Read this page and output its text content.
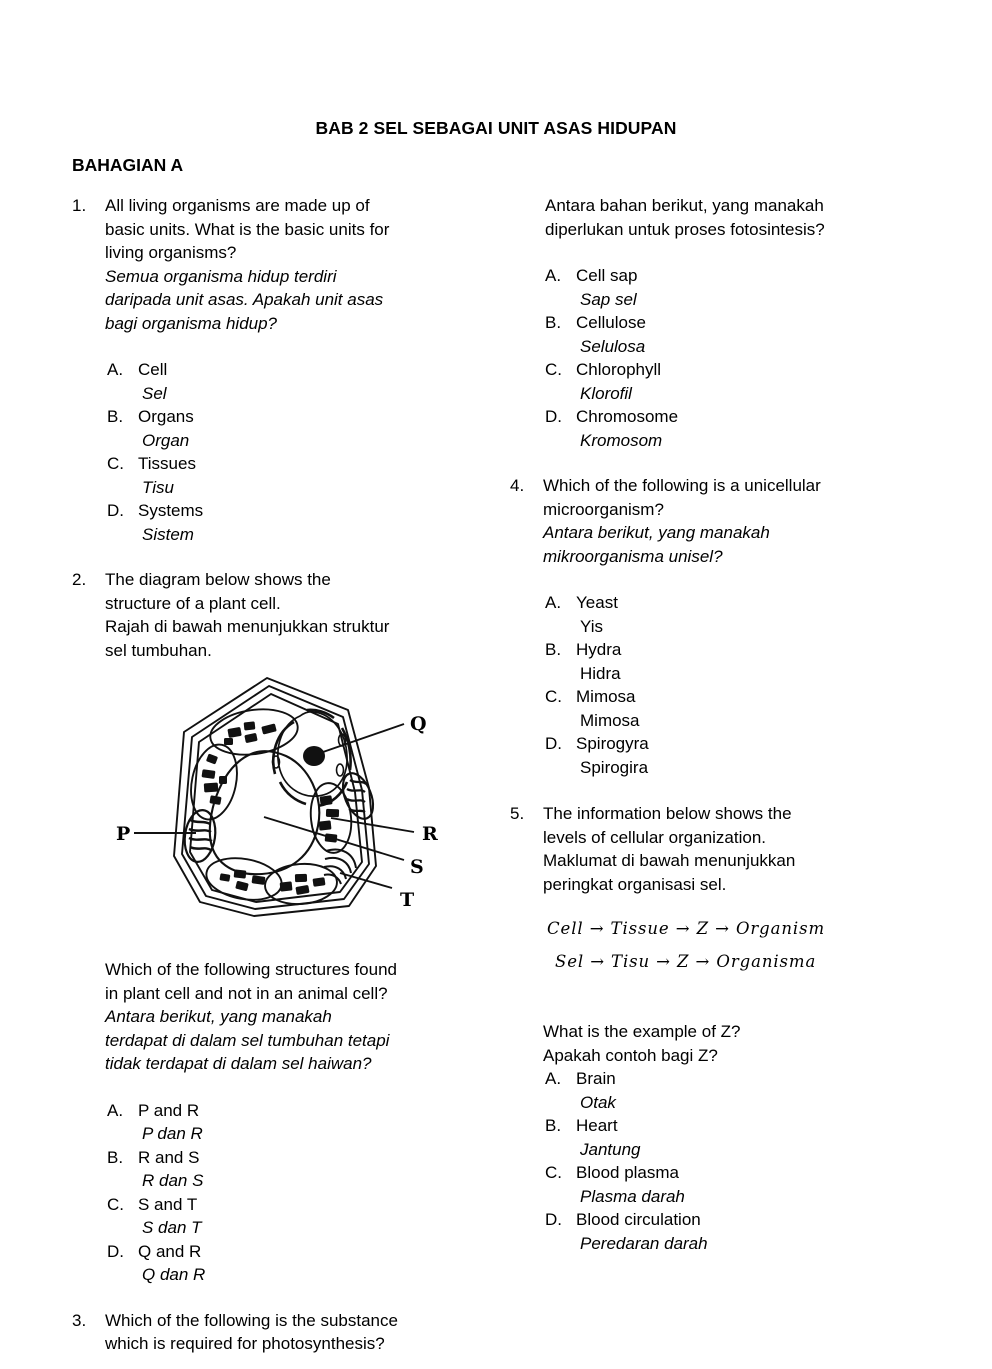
BAB 2 SEL SEBAGAI UNIT ASAS HIDUPAN
BAHAGIAN A
1.	All living organisms are made up of
basic units. What is the basic units for
living organisms?
Semua organisma hidup terdiri
daripada unit asas. Apakah unit asas
bagi organisma hidup?
A. Cell
Sel
B. Organs
Organ
C. Tissues
Tisu
D. Systems
Sistem
2.	The diagram below shows the
structure of a plant cell.
Rajah di bawah menunjukkan struktur
sel tumbuhan.
P
Q
R
S
T
Which of the following structures found
in plant cell and not in an animal cell?
Antara berikut, yang manakah
terdapat di dalam sel tumbuhan tetapi
tidak terdapat di dalam sel haiwan?
A. P and R
P dan R
B. R and S
R dan S
C. S and T
S dan T
D. Q and R
Q dan R
3.	Which of the following is the substance
which is required for photosynthesis?
Antara bahan berikut, yang manakah
diperlukan untuk proses fotosintesis?
A. Cell sap
Sap sel
B. Cellulose
Selulosa
C. Chlorophyll
Klorofil
D. Chromosome
Kromosom
4.	Which of the following is a unicellular
microorganism?
Antara berikut, yang manakah
mikroorganisma unisel?
A. Yeast
Yis
B. Hydra
Hidra
C. Mimosa
Mimosa
D. Spirogyra
Spirogira
5.	The information below shows the
levels of cellular organization.
Maklumat di bawah menunjukkan
peringkat organisasi sel.
Cell → Tissue → Z → Organism
Sel → Tisu → Z → Organisma
What is the example of Z?
Apakah contoh bagi Z?
A. Brain
Otak
B. Heart
Jantung
C. Blood plasma
Plasma darah
D. Blood circulation
Peredaran darah
